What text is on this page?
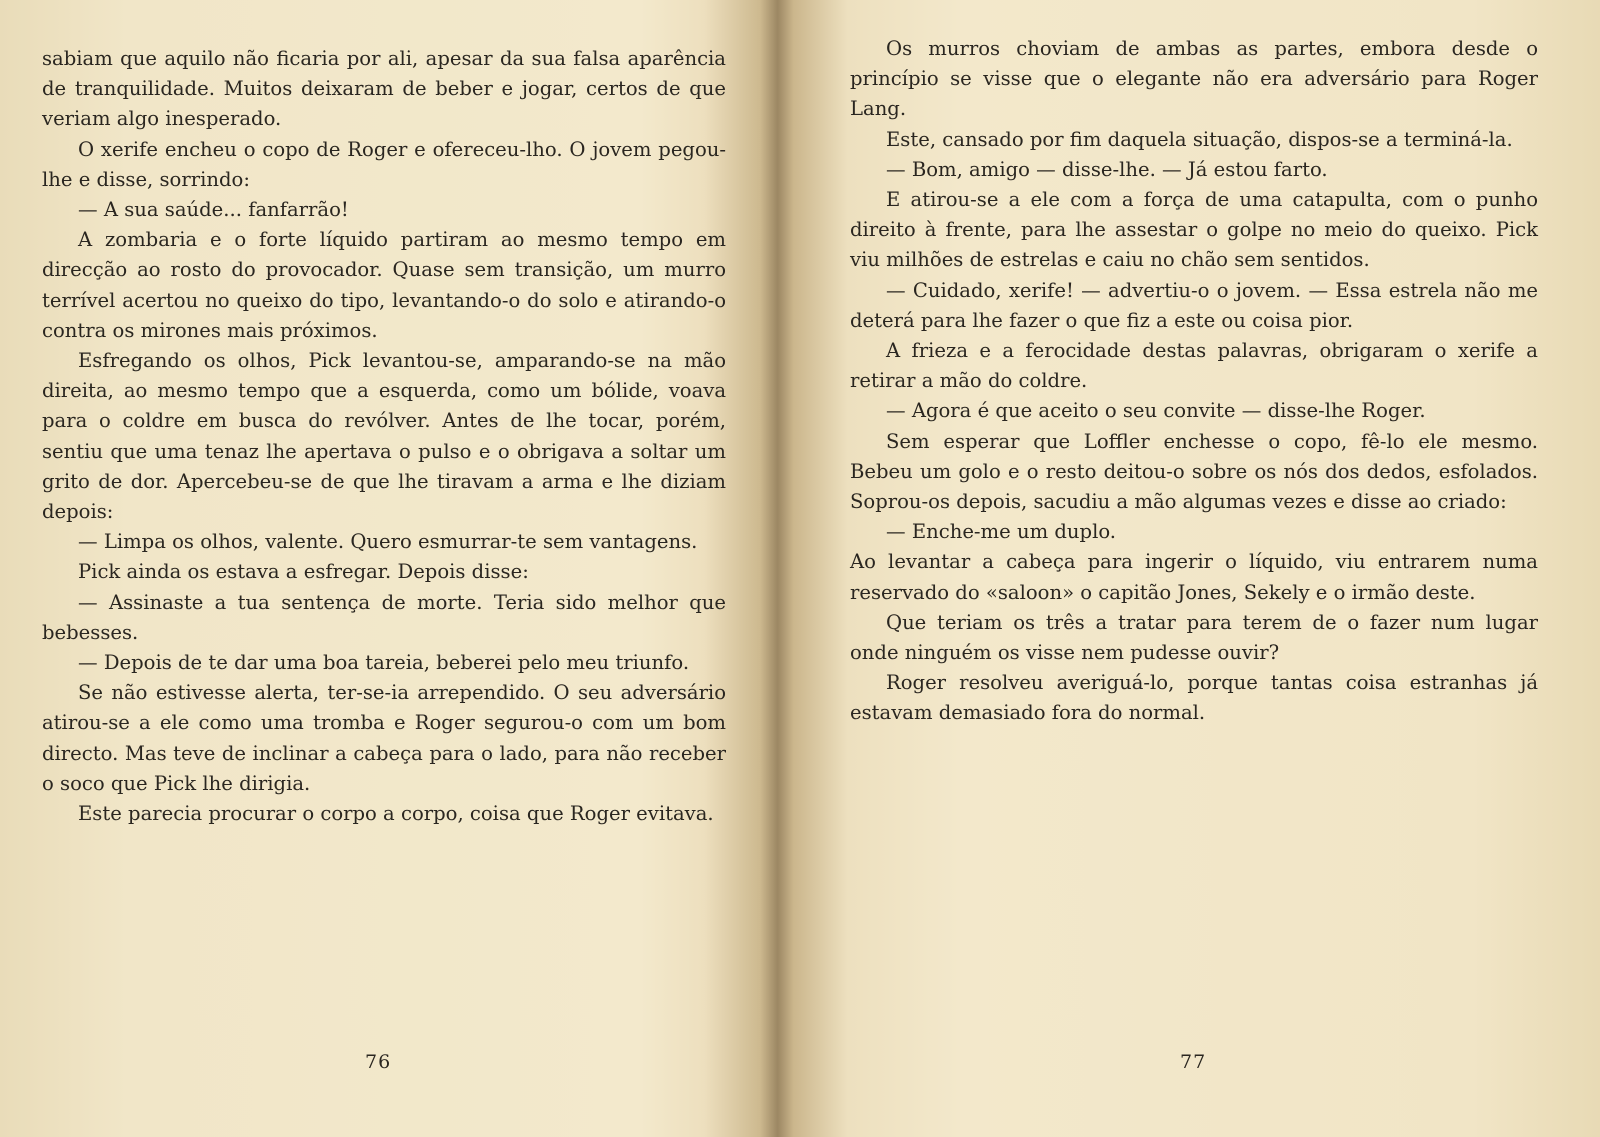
sabiam que aquilo não ficaria por ali, apesar da sua falsa aparência de tranquilidade. Muitos deixaram de beber e jogar, certos de que veriam algo inesperado.

O xerife encheu o copo de Roger e ofereceu-lho. O jovem pegou-lhe e disse, sorrindo:

— A sua saúde... fanfarrão!

A zombaria e o forte líquido partiram ao mesmo tempo em direcção ao rosto do provocador. Quase sem transição, um murro terrível acertou no queixo do tipo, levantando-o do solo e atirando-o contra os mirones mais próximos.

Esfregando os olhos, Pick levantou-se, amparando-se na mão direita, ao mesmo tempo que a esquerda, como um bólide, voava para o coldre em busca do revólver. Antes de lhe tocar, porém, sentiu que uma tenaz lhe apertava o pulso e o obrigava a soltar um grito de dor. Apercebeu-se de que lhe tiravam a arma e lhe diziam depois:

— Limpa os olhos, valente. Quero esmurrar-te sem vantagens.

Pick ainda os estava a esfregar. Depois disse:

— Assinaste a tua sentença de morte. Teria sido melhor que bebesses.

— Depois de te dar uma boa tareia, beberei pelo meu triunfo.

Se não estivesse alerta, ter-se-ia arrependido. O seu adversário atirou-se a ele como uma tromba e Roger segurou-o com um bom directo. Mas teve de inclinar a cabeça para o lado, para não receber o soco que Pick lhe dirigia.

Este parecia procurar o corpo a corpo, coisa que Roger evitava.

76

Os murros choviam de ambas as partes, embora desde o princípio se visse que o elegante não era adversário para Roger Lang.

Este, cansado por fim daquela situação, dispos-se a terminá-la.

— Bom, amigo — disse-lhe. — Já estou farto.

E atirou-se a ele com a força de uma catapulta, com o punho direito à frente, para lhe assestar o golpe no meio do queixo. Pick viu milhões de estrelas e caiu no chão sem sentidos.

— Cuidado, xerife! — advertiu-o o jovem. — Essa estrela não me deterá para lhe fazer o que fiz a este ou coisa pior.

A frieza e a ferocidade destas palavras, obrigaram o xerife a retirar a mão do coldre.

— Agora é que aceito o seu convite — disse-lhe Roger.

Sem esperar que Loffler enchesse o copo, fê-lo ele mesmo. Bebeu um golo e o resto deitou-o sobre os nós dos dedos, esfolados. Soprou-os depois, sacudiu a mão algumas vezes e disse ao criado:

— Enche-me um duplo.

Ao levantar a cabeça para ingerir o líquido, viu entrarem numa reservado do «saloon» o capitão Jones, Sekely e o irmão deste.

Que teriam os três a tratar para terem de o fazer num lugar onde ninguém os visse nem pudesse ouvir?

Roger resolveu averiguá-lo, porque tantas coisa estranhas já estavam demasiado fora do normal.

77
